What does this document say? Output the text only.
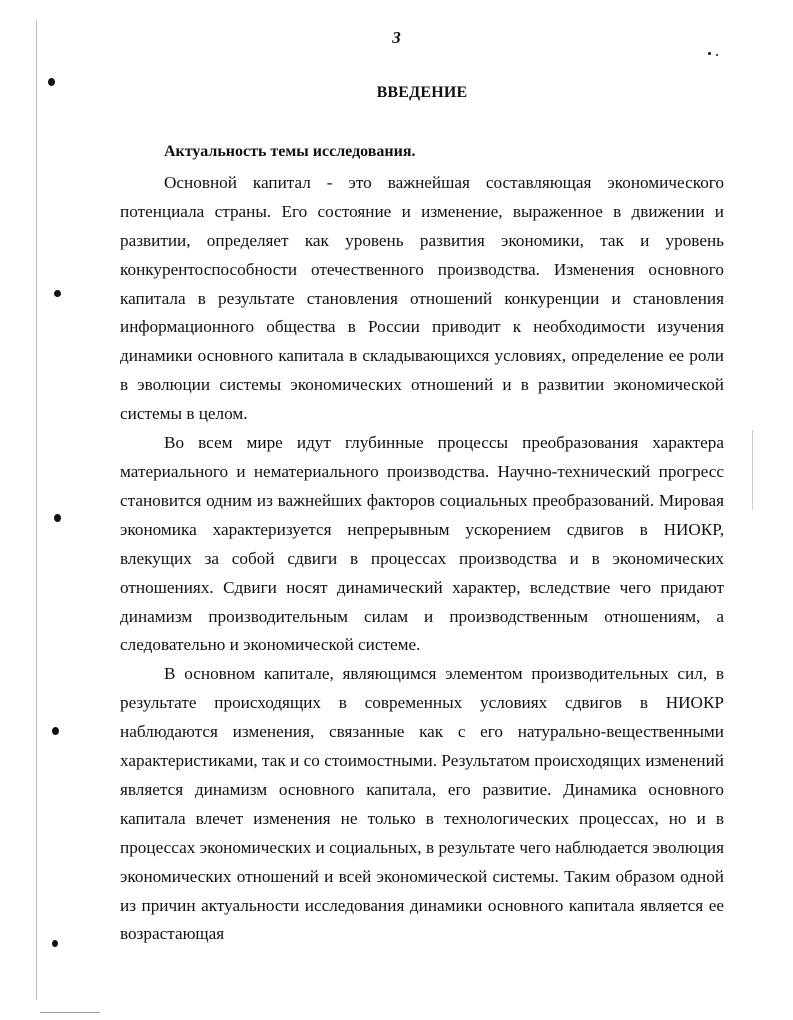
3
ВВЕДЕНИЕ

Актуальность темы исследования.

Основной капитал - это важнейшая составляющая экономического потенциала страны. Его состояние и изменение, выраженное в движении и развитии, определяет как уровень развития экономики, так и уровень конкурентоспособности отечественного производства. Изменения основного капитала в результате становления отношений конкуренции и становления информационного общества в России приводит к необходимости изучения динамики основного капитала в складывающихся условиях, определение ее роли в эволюции системы экономических отношений и в развитии экономической системы в целом.

Во всем мире идут глубинные процессы преобразования характера материального и нематериального производства. Научно-технический прогресс становится одним из важнейших факторов социальных преобразований. Мировая экономика характеризуется непрерывным ускорением сдвигов в НИОКР, влекущих за собой сдвиги в процессах производства и в экономических отношениях. Сдвиги носят динамический характер, вследствие чего придают динамизм производительным силам и производственным отношениям, а следовательно и экономической системе.

В основном капитале, являющимся элементом производительных сил, в результате происходящих в современных условиях сдвигов в НИОКР наблюдаются изменения, связанные как с его натурально-вещественными характеристиками, так и со стоимостными. Результатом происходящих изменений является динамизм основного капитала, его развитие. Динамика основного капитала влечет изменения не только в технологических процессах, но и в процессах экономических и социальных, в результате чего наблюдается эволюция экономических отношений и всей экономической системы. Таким образом одной из причин актуальности исследования динамики основного капитала является ее возрастающая
